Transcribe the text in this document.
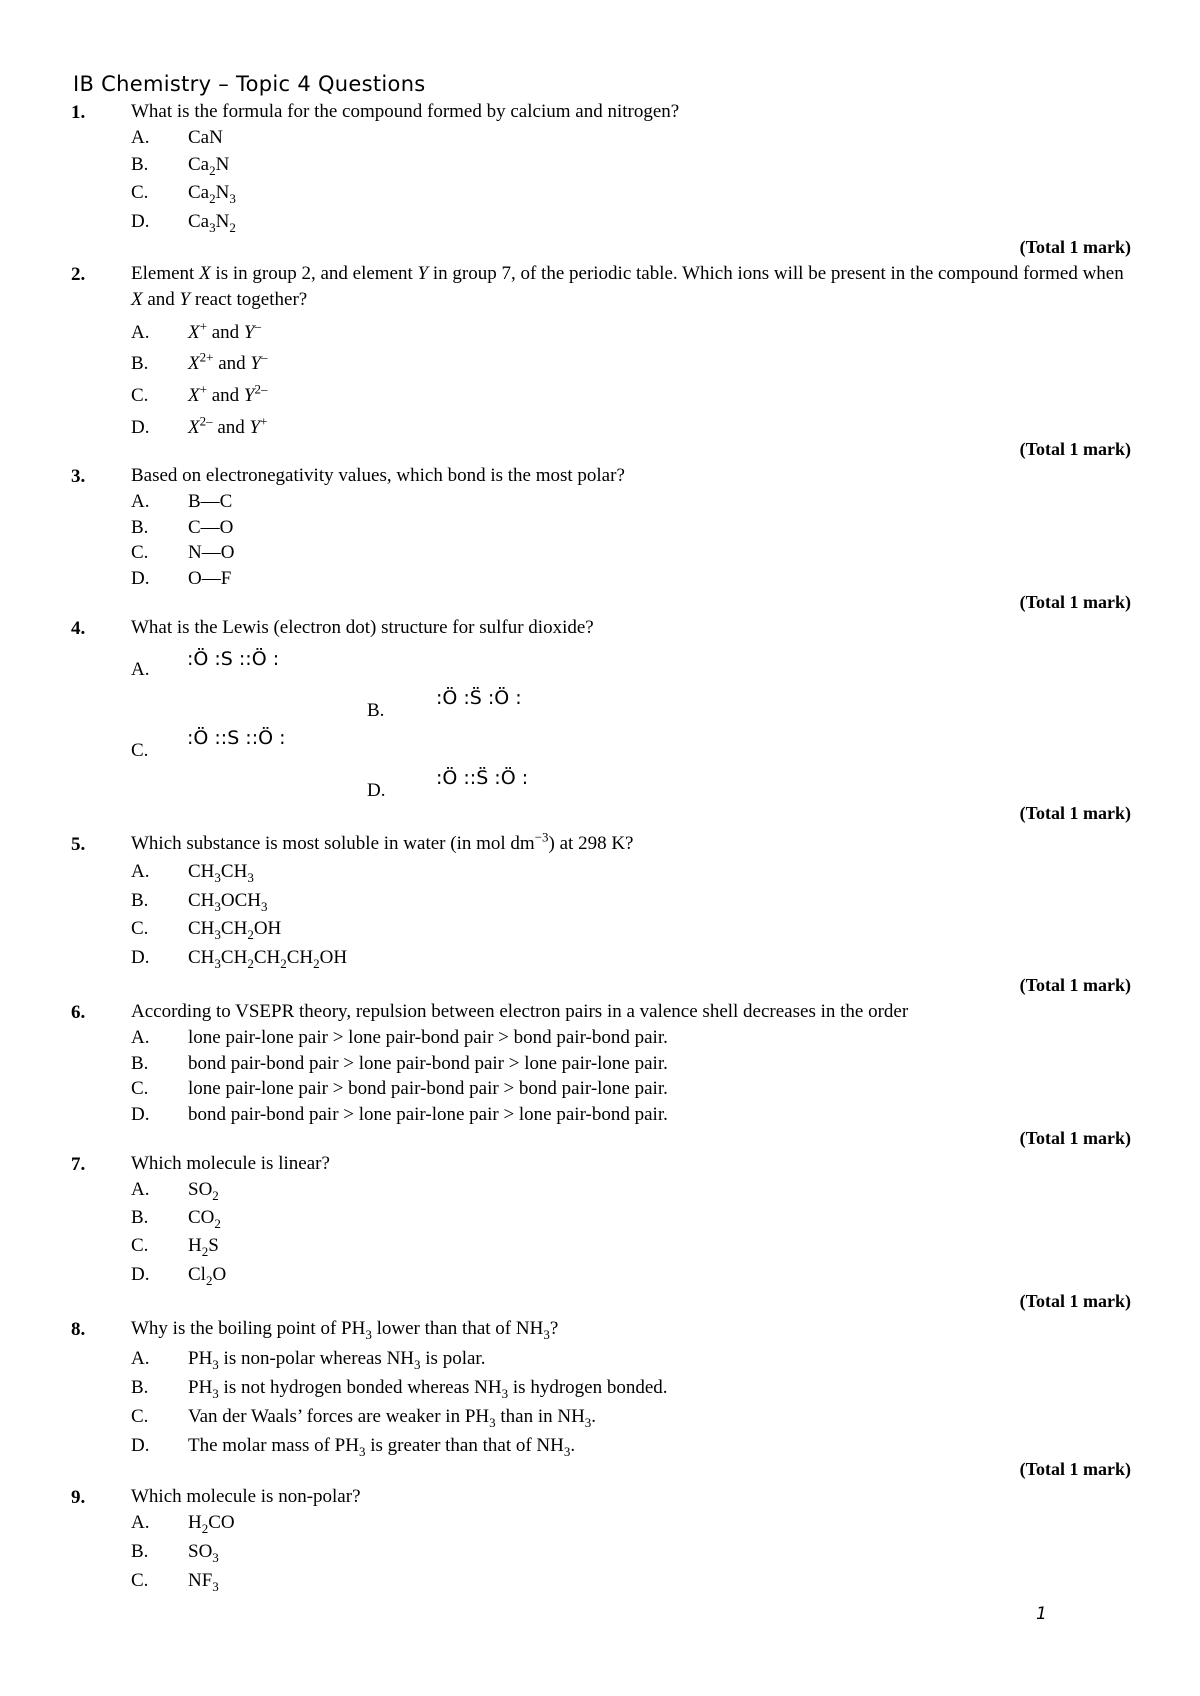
IB Chemistry – Topic 4 Questions
1. What is the formula for the compound formed by calcium and nitrogen?
A. CaN
B. $Ca_2N$
C. $Ca_2N_3$
D. $Ca_3N_2$
(Total 1 mark)
2. Element X is in group 2, and element Y in group 7, of the periodic table. Which ions will be present in the compound formed when X and Y react together?
A. X+ and Y–
B. $X^{2+}$ and Y–
C. X+ and $Y^{2-}$
D. $X^{2-}$ and Y+
(Total 1 mark)
3. Based on electronegativity values, which bond is the most polar?
A. B—C
B. C—O
C. N—O
D. O—F
(Total 1 mark)
4. What is the Lewis (electron dot) structure for sulfur dioxide?
A. :Ö :S ::Ö :
B.
:Ö :S̈ :Ö :
C.
:Ö ::S ::Ö :
D.
:Ö ::S̈ :Ö :
(Total 1 mark)
5. Which substance is most soluble in water (in mol $dm^{-3}$) at 298 K?
A. $CH_3CH_3$
B. $CH_3OCH_3$
C. $CH_3CH_2OH$
D. $CH_3CH_2CH_2CH_2OH$
(Total 1 mark)
6. According to VSEPR theory, repulsion between electron pairs in a valence shell decreases in the order
A. lone pair-lone pair > lone pair-bond pair > bond pair-bond pair.
B. bond pair-bond pair > lone pair-bond pair > lone pair-lone pair.
C. lone pair-lone pair > bond pair-bond pair > bond pair-lone pair.
D. bond pair-bond pair > lone pair-lone pair > lone pair-bond pair.
(Total 1 mark)
7. Which molecule is linear?
A. $SO_2$
B. $CO_2$
C. $H_2S$
D. $Cl_2O$
(Total 1 mark)
8. Why is the boiling point of $PH_3$ lower than that of $NH_3$?
A. $PH_3$ is non-polar whereas $NH_3$ is polar.
B. $PH_3$ is not hydrogen bonded whereas $NH_3$ is hydrogen bonded.
C. Van der Waals’ forces are weaker in $PH_3$ than in $NH_3$.
D. The molar mass of $PH_3$ is greater than that of $NH_3$.
(Total 1 mark)
9. Which molecule is non-polar?
A. $H_2CO$
B. $SO_3$
C. $NF_3$
1
